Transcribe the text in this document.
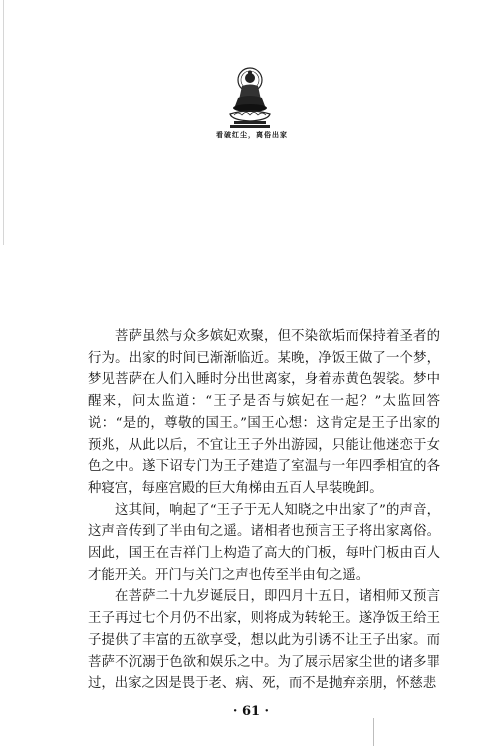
看破红尘，离俗出家

菩萨虽然与众多嫔妃欢聚，但不染欲垢而保持着圣者的行为。出家的时间已渐渐临近。某晚，净饭王做了一个梦，梦见菩萨在人们入睡时分出世离家，身着赤黄色袈裟。梦中醒来，问太监道：“王子是否与嫔妃在一起？”太监回答说：“是的，尊敬的国王。”国王心想：这肯定是王子出家的预兆，从此以后，不宜让王子外出游园，只能让他迷恋于女色之中。遂下诏专门为王子建造了室温与一年四季相宜的各种寝宫，每座宫殿的巨大角梯由五百人早装晚卸。

这其间，响起了“王子于无人知晓之中出家了”的声音，这声音传到了半由旬之遥。诸相者也预言王子将出家离俗。因此，国王在吉祥门上构造了高大的门板，每叶门板由百人才能开关。开门与关门之声也传至半由旬之遥。

在菩萨二十九岁诞辰日，即四月十五日，诸相师又预言王子再过七个月仍不出家，则将成为转轮王。遂净饭王给王子提供了丰富的五欲享受，想以此为引诱不让王子出家。而菩萨不沉溺于色欲和娱乐之中。为了展示居家尘世的诸多罪过，出家之因是畏于老、病、死，而不是抛弃亲朋，怀慈悲

· 61 ·
